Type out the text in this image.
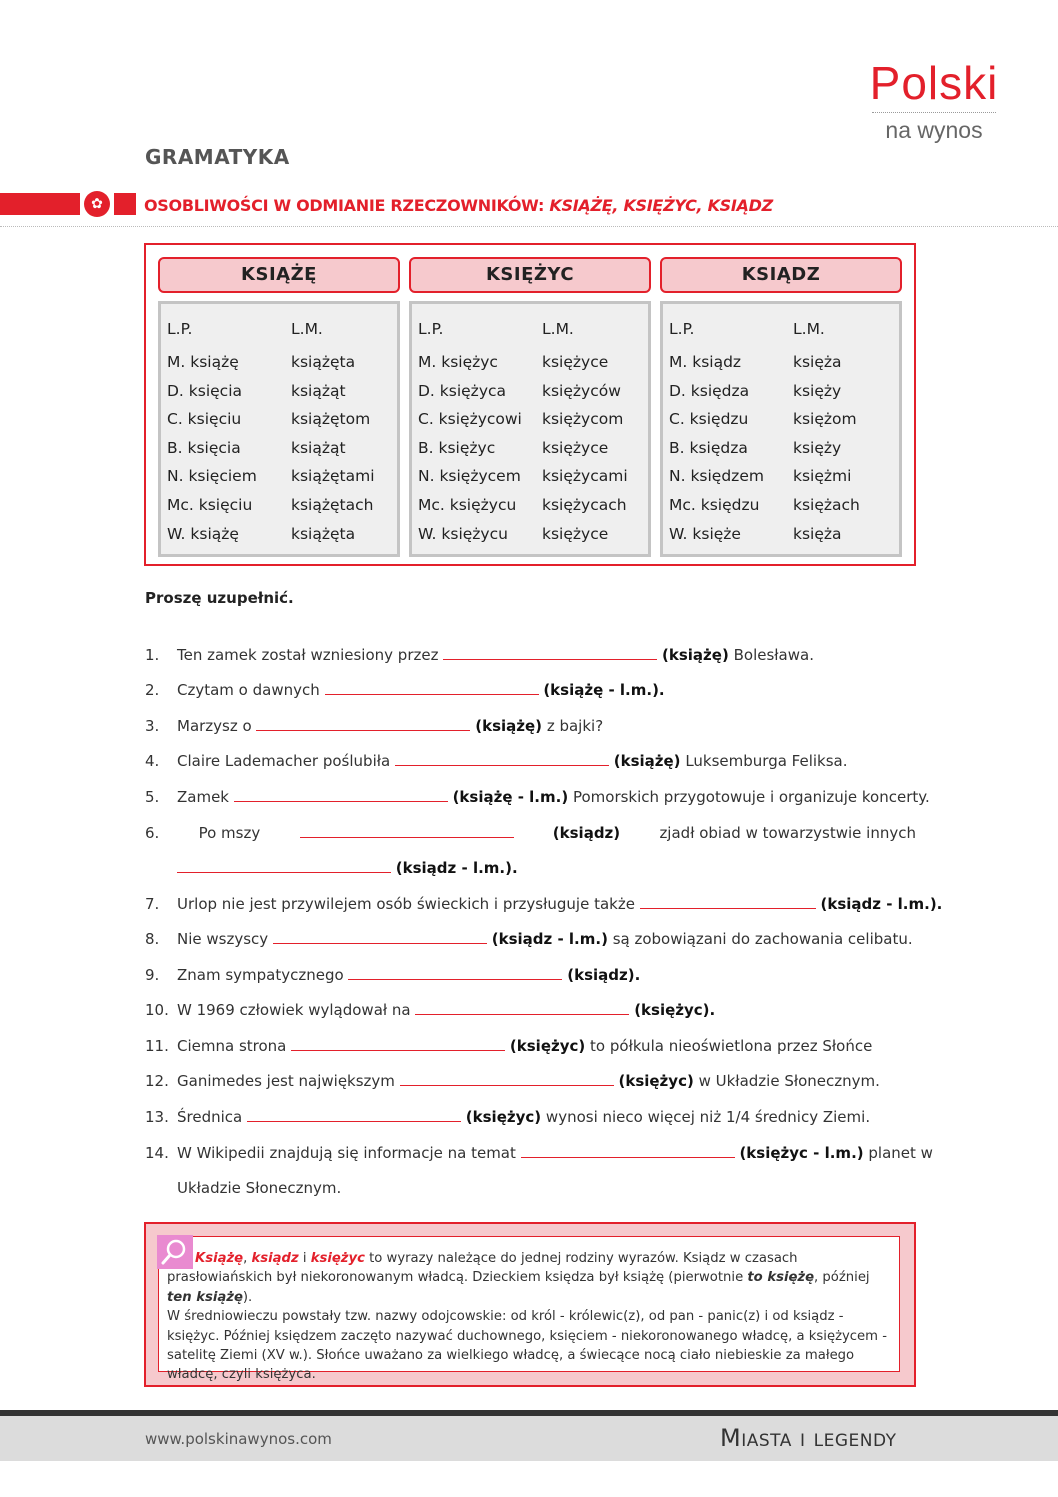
Polski
na wynos
GRAMATYKA
✿	OSOBLIWOŚCI W ODMIANIE RZECZOWNIKÓW: KSIĄŻĘ, KSIĘŻYC, KSIĄDZ
KSIĄŻĘ
L.P.	L.M.
M. książę	książęta
D. księcia	książąt
C. księciu	książętom
B. księcia	książąt
N. księciem książętami
Mc. księciu książętach
W. książę	książęta
KSIĘŻYC
L.P.	L.M.
M. księżyc	księżyce
D. księżyca księżyców
C. księżycowi księżycom
B. księżyc	księżyce
N. księżycem księżycami
Mc. księżycu księżycach
W. księżycu księżyce
KSIĄDZ
L.P.	L.M.
M. ksiądz	księża
D. księdza	księży
C. księdzu	księżom
B. księdza	księży
N. księdzem księżmi
Mc. księdzu księżach
W. księże	księża
Proszę uzupełnić.
1. Ten zamek został wzniesiony przez	(książę) Bolesława.
2. Czytam o dawnych	(książę - l.m.).
3. Marzysz o	(książę) z bajki?
4. Claire Lademacher poślubiła	(książę) Luksemburga Feliksa.
5. Zamek	(książę - l.m.) Pomorskich przygotowuje i organizuje koncerty.
6.	Po mszy	(ksiądz)	zjadł obiad w towarzystwie innych
(ksiądz - l.m.).
7. Urlop nie jest przywilejem osób świeckich i przysługuje także	(ksiądz - l.m.).
8. Nie wszyscy	(ksiądz - l.m.) są zobowiązani do zachowania celibatu.
9. Znam sympatycznego	(ksiądz).
10. W 1969 człowiek wylądował na	(księżyc).
11. Ciemna strona	(księżyc) to półkula nieoświetlona przez Słońce
12. Ganimedes jest największym	(księżyc) w Układzie Słonecznym.
13. Średnica	(księżyc) wynosi nieco więcej niż 1/4 średnicy Ziemi.
14. W Wikipedii znajdują się informacje na temat	(księżyc - l.m.) planet w
Układzie Słonecznym.
Książę, ksiądz i księżyc to wyrazy należące do jednej rodziny wyrazów. Ksiądz w czasach prasłowiańskich był niekoronowanym władcą. Dzieckiem księdza był książę (pierwotnie to księżę, później ten książę).
W średniowieczu powstały tzw. nazwy odojcowskie: od król - królewic(z), od pan - panic(z) i od ksiądz - księżyc. Później księdzem zaczęto nazywać duchownego, księciem - niekoronowanego władcę, a księżycem - satelitę Ziemi (XV w.). Słońce uważano za wielkiego władcę, a świecące nocą ciało niebieskie za małego władcę, czyli księżyca.
www.polskinawynos.com	Miasta i legendy
